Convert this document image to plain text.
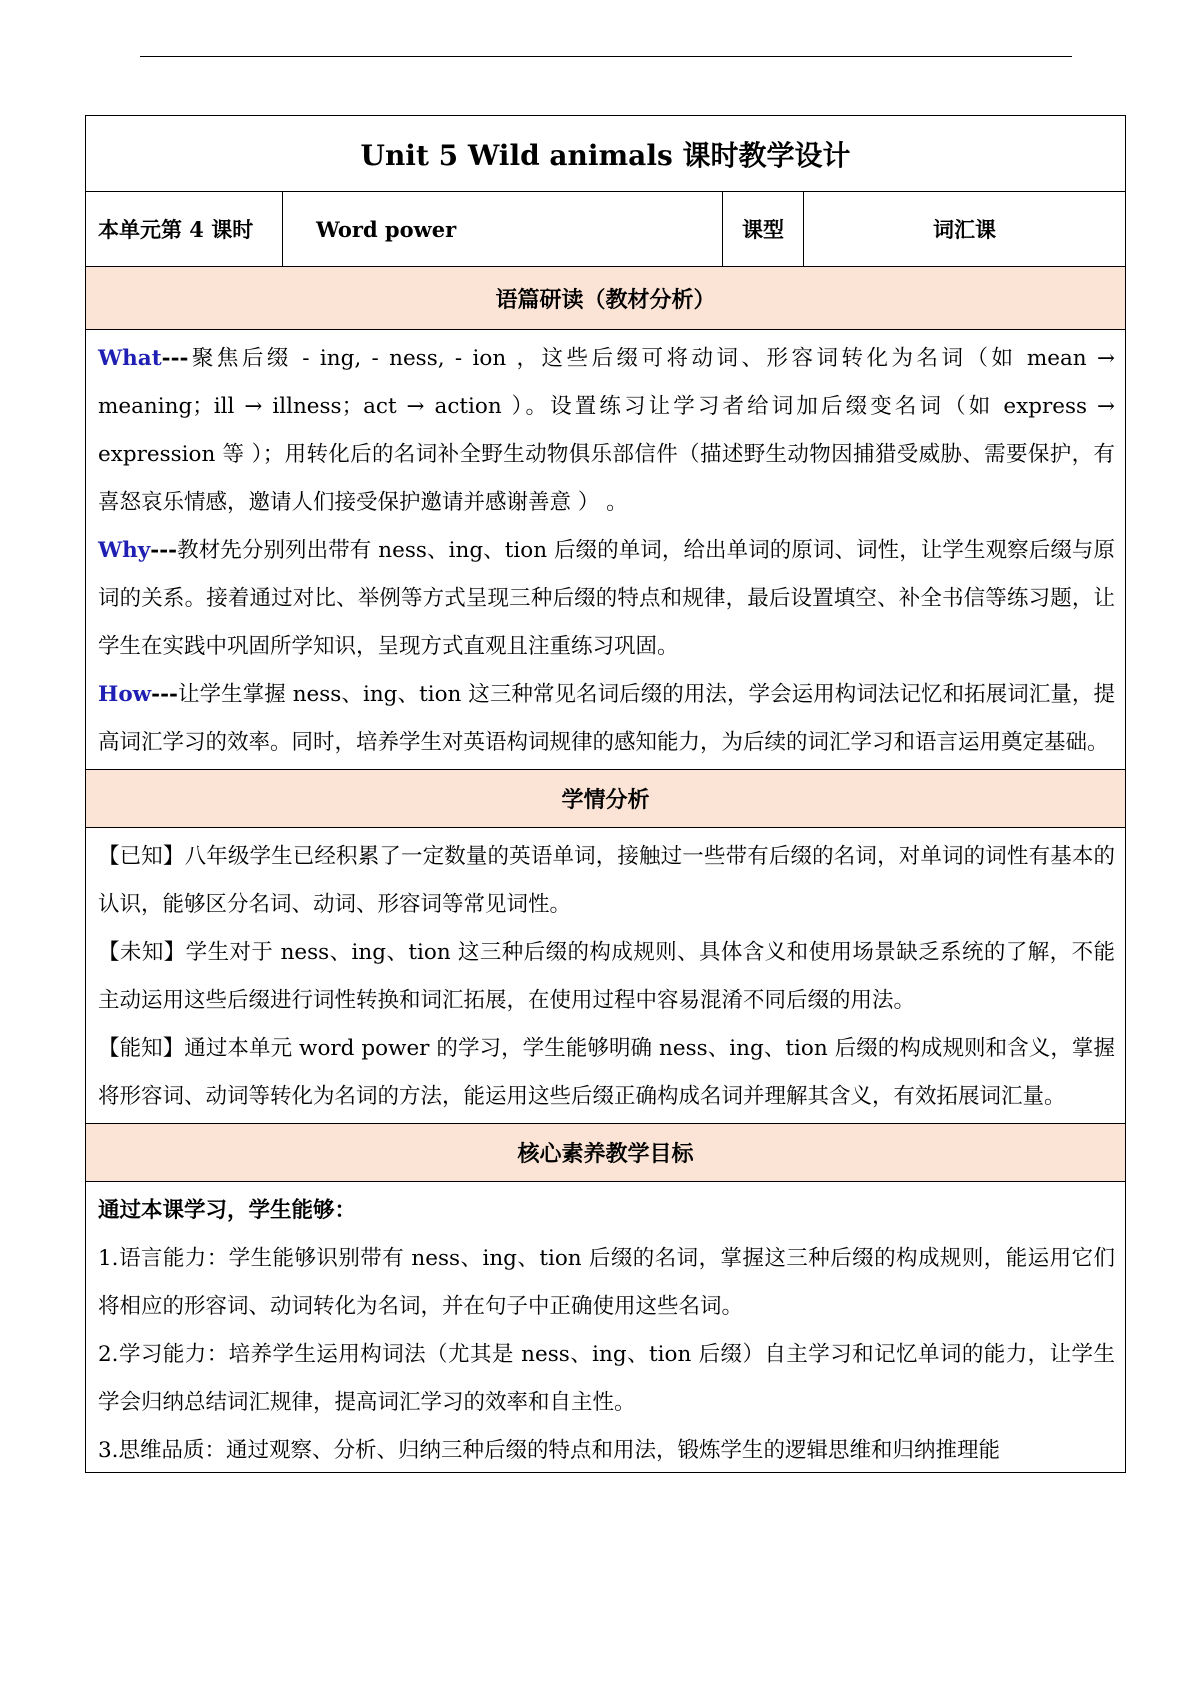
Unit 5 Wild animals 课时教学设计
本单元第 4 课时	Word power	课型	词汇课
语篇研读（教材分析）

What---聚焦后缀 - ing, - ness, - ion ，这些后缀可将动词、形容词转化为名词（如 mean → meaning；ill → illness；act → action ）。设置练习让学习者给词加后缀变名词（如 express → expression 等 ）；用转化后的名词补全野生动物俱乐部信件（描述野生动物因捕猎受威胁、需要保护，有喜怒哀乐情感，邀请人们接受保护邀请并感谢善意 ） 。

Why---教材先分别列出带有 ness、ing、tion 后缀的单词，给出单词的原词、词性，让学生观察后缀与原词的关系。接着通过对比、举例等方式呈现三种后缀的特点和规律，最后设置填空、补全书信等练习题，让学生在实践中巩固所学知识，呈现方式直观且注重练习巩固。

How---让学生掌握 ness、ing、tion 这三种常见名词后缀的用法，学会运用构词法记忆和拓展词汇量，提高词汇学习的效率。同时，培养学生对英语构词规律的感知能力，为后续的词汇学习和语言运用奠定基础。

学情分析

【已知】八年级学生已经积累了一定数量的英语单词，接触过一些带有后缀的名词，对单词的词性有基本的认识，能够区分名词、动词、形容词等常见词性。

【未知】学生对于 ness、ing、tion 这三种后缀的构成规则、具体含义和使用场景缺乏系统的了解，不能主动运用这些后缀进行词性转换和词汇拓展，在使用过程中容易混淆不同后缀的用法。

【能知】通过本单元 word power 的学习，学生能够明确 ness、ing、tion 后缀的构成规则和含义，掌握将形容词、动词等转化为名词的方法，能运用这些后缀正确构成名词并理解其含义，有效拓展词汇量。

核心素养教学目标

通过本课学习，学生能够：

1.语言能力：学生能够识别带有 ness、ing、tion 后缀的名词，掌握这三种后缀的构成规则，能运用它们将相应的形容词、动词转化为名词，并在句子中正确使用这些名词。

2.学习能力：培养学生运用构词法（尤其是 ness、ing、tion 后缀）自主学习和记忆单词的能力，让学生学会归纳总结词汇规律，提高词汇学习的效率和自主性。

3.思维品质：通过观察、分析、归纳三种后缀的特点和用法，锻炼学生的逻辑思维和归纳推理能
